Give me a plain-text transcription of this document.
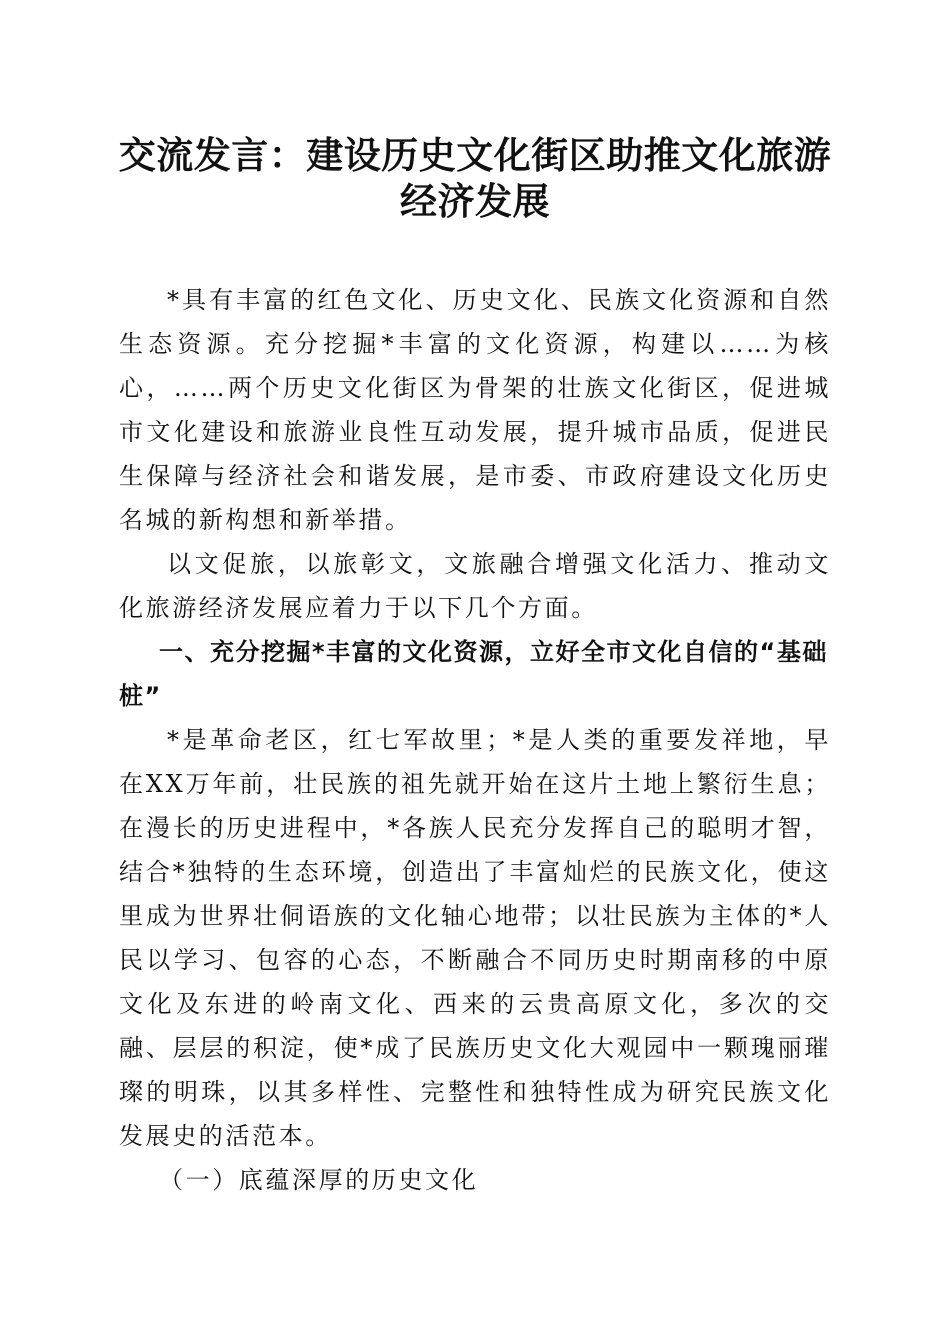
交流发言：建设历史文化街区助推文化旅游经济发展

*具有丰富的红色文化、历史文化、民族文化资源和自然生态资源。充分挖掘*丰富的文化资源，构建以……为核心，……两个历史文化街区为骨架的壮族文化街区，促进城市文化建设和旅游业良性互动发展，提升城市品质，促进民生保障与经济社会和谐发展，是市委、市政府建设文化历史名城的新构想和新举措。

以文促旅，以旅彰文，文旅融合增强文化活力、推动文化旅游经济发展应着力于以下几个方面。

一、充分挖掘*丰富的文化资源，立好全市文化自信的“基础桩”

*是革命老区，红七军故里；*是人类的重要发祥地，早在XX万年前，壮民族的祖先就开始在这片土地上繁衍生息；在漫长的历史进程中，*各族人民充分发挥自己的聪明才智，结合*独特的生态环境，创造出了丰富灿烂的民族文化，使这里成为世界壮侗语族的文化轴心地带；以壮民族为主体的*人民以学习、包容的心态，不断融合不同历史时期南移的中原文化及东进的岭南文化、西来的云贵高原文化，多次的交融、层层的积淀，使*成了民族历史文化大观园中一颗瑰丽璀璨的明珠，以其多样性、完整性和独特性成为研究民族文化发展史的活范本。

（一）底蕴深厚的历史文化
